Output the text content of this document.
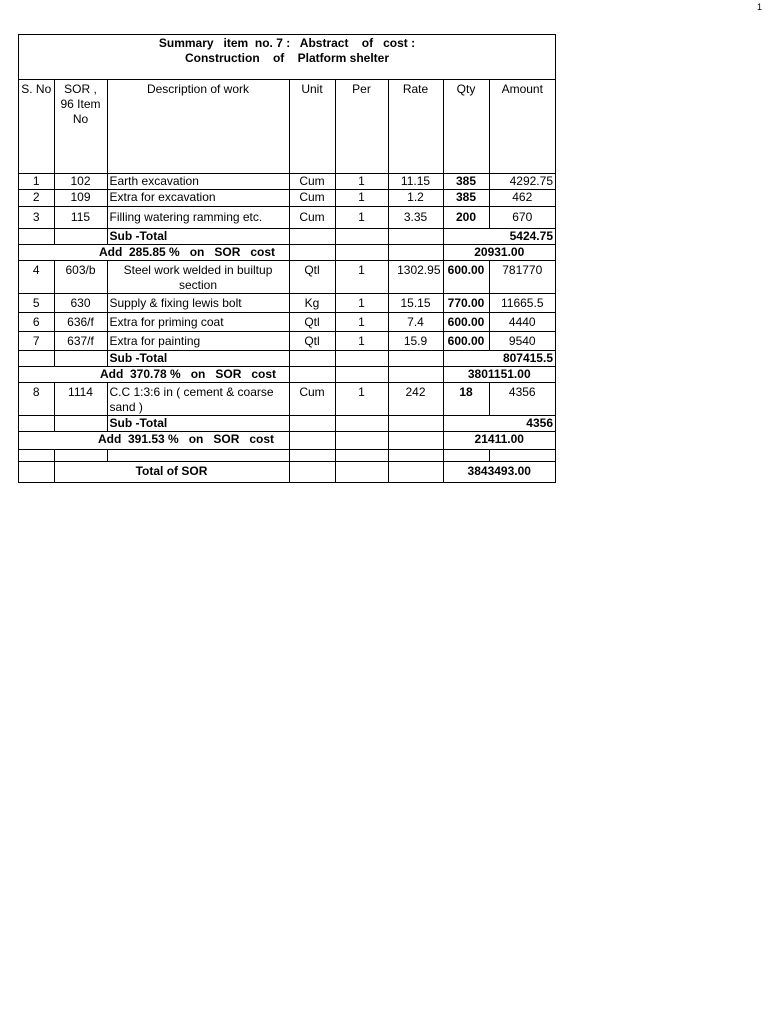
1
Summary   item  no. 7 :   Abstract    of   cost :
Construction    of    Platform shelter
S. No	SOR , 96 Item No	Description of work	Unit	Per	Rate	Qty	Amount
1	102	Earth excavation	Cum	1	11.15	385	4292.75
2	109	Extra for excavation	Cum	1	1.2	385	462
3	115	Filling watering ramming etc.	Cum	1	3.35	200	670
		Sub -Total				5424.75	
Add  285.85 %   on   SOR   cost						20931.00	
4	603/b	Steel work welded in builtup section	Qtl	1	1302.95	600.00	781770
5	630	Supply & fixing lewis bolt	Kg	1	15.15	770.00	11665.5
6	636/f	Extra for priming coat	Qtl	1	7.4	600.00	4440
7	637/f	Extra for painting	Qtl	1	15.9	600.00	9540
		Sub -Total				807415.5	
Add  370.78 %   on   SOR   cost						3801151.00	
8	1114	C.C 1:3:6 in ( cement & coarse sand )	Cum	1	242	18	4356
		Sub -Total				4356	
Add  391.53 %   on   SOR   cost						21411.00	

	Total of SOR					3843493.00	
